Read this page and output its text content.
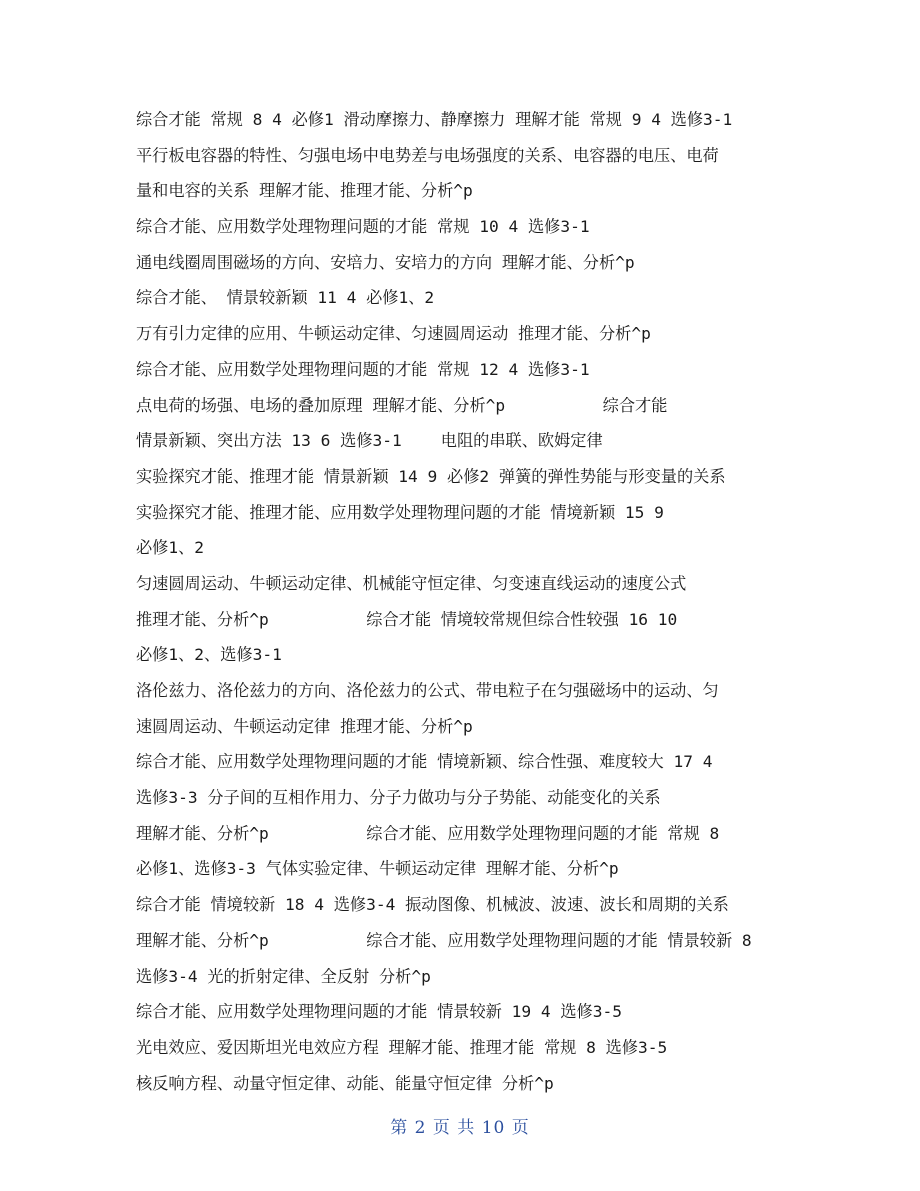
综合才能 常规 8 4 必修1 滑动摩擦力、静摩擦力 理解才能 常规 9 4 选修3-1
平行板电容器的特性、匀强电场中电势差与电场强度的关系、电容器的电压、电荷
量和电容的关系 理解才能、推理才能、分析^p
综合才能、应用数学处理物理问题的才能 常规 10 4 选修3-1
通电线圈周围磁场的方向、安培力、安培力的方向 理解才能、分析^p
综合才能、 情景较新颖 11 4 必修1、2
万有引力定律的应用、牛顿运动定律、匀速圆周运动 推理才能、分析^p
综合才能、应用数学处理物理问题的才能 常规 12 4 选修3-1
点电荷的场强、电场的叠加原理 理解才能、分析^p          综合才能
情景新颖、突出方法 13 6 选修3-1    电阻的串联、欧姆定律
实验探究才能、推理才能 情景新颖 14 9 必修2 弹簧的弹性势能与形变量的关系
实验探究才能、推理才能、应用数学处理物理问题的才能 情境新颖 15 9
必修1、2
匀速圆周运动、牛顿运动定律、机械能守恒定律、匀变速直线运动的速度公式
推理才能、分析^p          综合才能 情境较常规但综合性较强 16 10
必修1、2、选修3-1
洛伦兹力、洛伦兹力的方向、洛伦兹力的公式、带电粒子在匀强磁场中的运动、匀
速圆周运动、牛顿运动定律 推理才能、分析^p
综合才能、应用数学处理物理问题的才能 情境新颖、综合性强、难度较大 17 4
选修3-3 分子间的互相作用力、分子力做功与分子势能、动能变化的关系
理解才能、分析^p          综合才能、应用数学处理物理问题的才能 常规 8
必修1、选修3-3 气体实验定律、牛顿运动定律 理解才能、分析^p
综合才能 情境较新 18 4 选修3-4 振动图像、机械波、波速、波长和周期的关系
理解才能、分析^p          综合才能、应用数学处理物理问题的才能 情景较新 8
选修3-4 光的折射定律、全反射 分析^p
综合才能、应用数学处理物理问题的才能 情景较新 19 4 选修3-5
光电效应、爱因斯坦光电效应方程 理解才能、推理才能 常规 8 选修3-5
核反响方程、动量守恒定律、动能、能量守恒定律 分析^p
第 2 页 共 10 页
